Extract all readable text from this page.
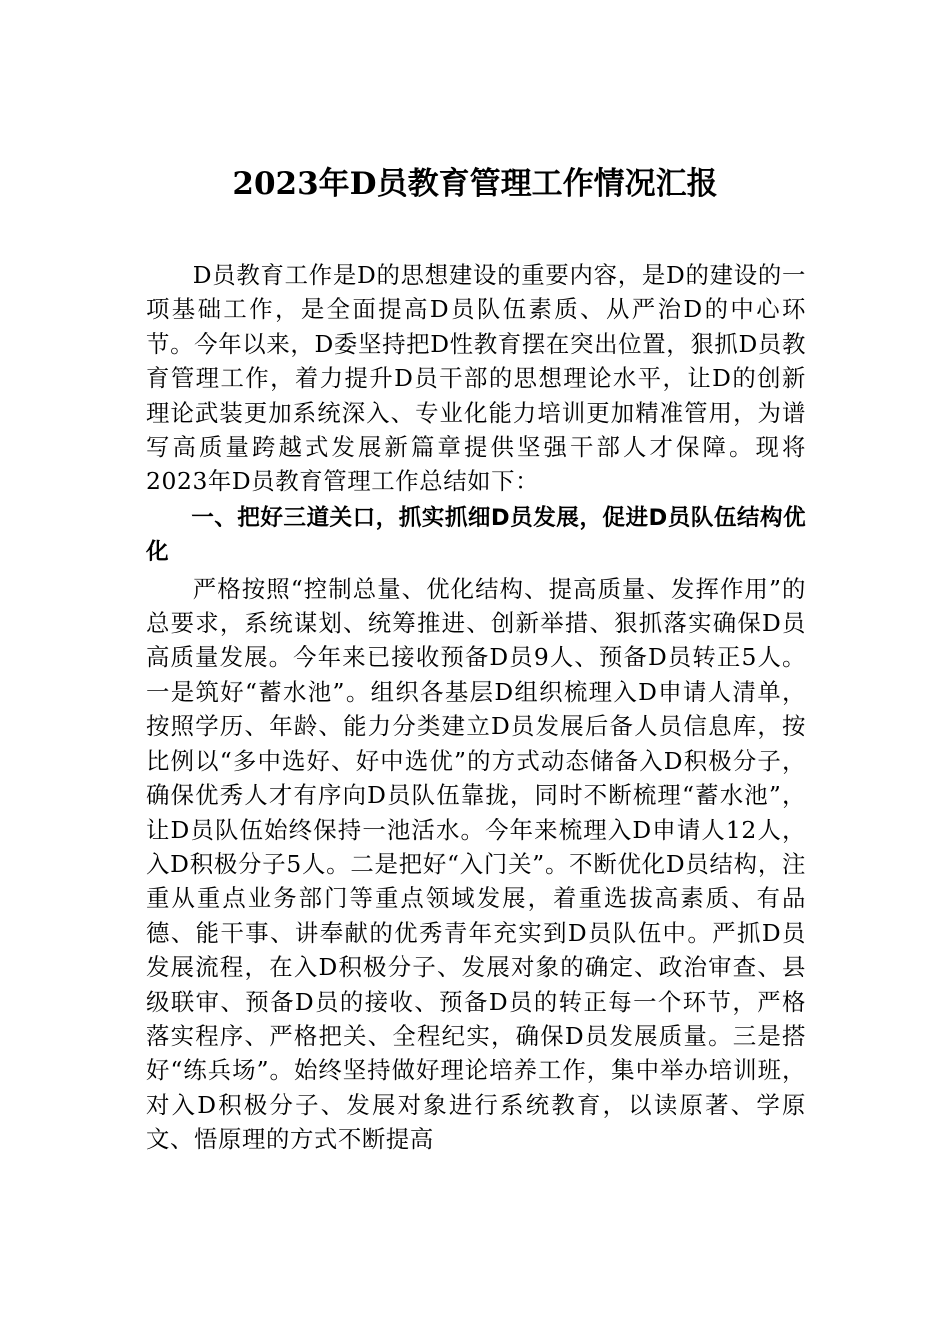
2023年D员教育管理工作情况汇报

D员教育工作是D的思想建设的重要内容，是D的建设的一项基础工作，是全面提高D员队伍素质、从严治D的中心环节。今年以来，D委坚持把D性教育摆在突出位置，狠抓D员教育管理工作，着力提升D员干部的思想理论水平，让D的创新理论武装更加系统深入、专业化能力培训更加精准管用，为谱写高质量跨越式发展新篇章提供坚强干部人才保障。现将2023年D员教育管理工作总结如下：

一、把好三道关口，抓实抓细D员发展，促进D员队伍结构优化

严格按照“控制总量、优化结构、提高质量、发挥作用”的总要求，系统谋划、统筹推进、创新举措、狠抓落实确保D员高质量发展。今年来已接收预备D员9人、预备D员转正5人。一是筑好“蓄水池”。组织各基层D组织梳理入D申请人清单，按照学历、年龄、能力分类建立D员发展后备人员信息库，按比例以“多中选好、好中选优”的方式动态储备入D积极分子，确保优秀人才有序向D员队伍靠拢，同时不断梳理“蓄水池”，让D员队伍始终保持一池活水。今年来梳理入D申请人12人，入D积极分子5人。二是把好“入门关”。不断优化D员结构，注重从重点业务部门等重点领域发展，着重选拔高素质、有品德、能干事、讲奉献的优秀青年充实到D员队伍中。严抓D员发展流程，在入D积极分子、发展对象的确定、政治审查、县级联审、预备D员的接收、预备D员的转正每一个环节，严格落实程序、严格把关、全程纪实，确保D员发展质量。三是搭好“练兵场”。始终坚持做好理论培养工作，集中举办培训班，对入D积极分子、发展对象进行系统教育，以读原著、学原文、悟原理的方式不断提高
